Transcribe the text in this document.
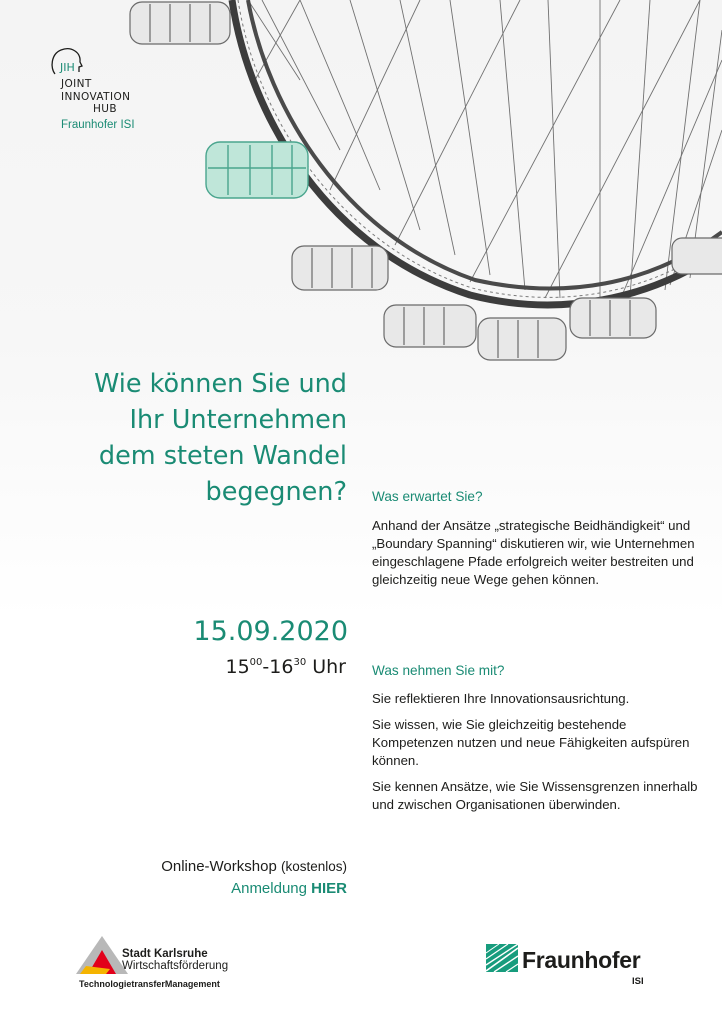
JIH
JOINT
INNOVATION
HUB
Fraunhofer ISI
Wie können Sie und
Ihr Unternehmen
dem steten Wandel
begegnen?
15.09.2020
$15^{00}-16^{30}$ Uhr
Was erwartet Sie?

Anhand der Ansätze „strategische Beidhändigkeit“ und „Boundary Spanning“ diskutieren wir, wie Unternehmen eingeschlagene Pfade erfolgreich weiter bestreiten und gleichzeitig neue Wege gehen können.

Was nehmen Sie mit?

Sie reflektieren Ihre Innovationsausrichtung.

Sie wissen, wie Sie gleichzeitig bestehende Kompetenzen nutzen und neue Fähigkeiten aufspüren können.

Sie kennen Ansätze, wie Sie Wissensgrenzen innerhalb und zwischen Organisationen überwinden.

Online-Workshop (kostenlos)
Anmeldung HIER
Stadt Karlsruhe
Wirtschaftsförderung
TechnologietransferManagement
Fraunhofer
ISI
